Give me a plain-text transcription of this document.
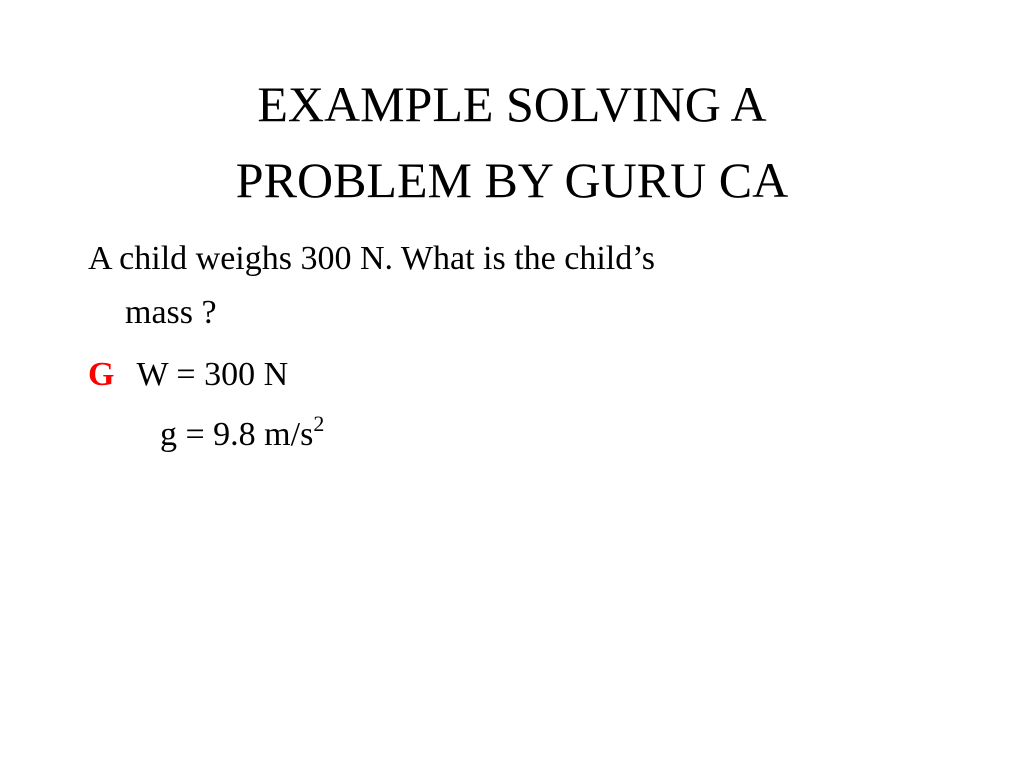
EXAMPLE SOLVING A
PROBLEM BY GURU CA
A child weighs 300 N. What is the child’s
mass ?
G W = 300 N
g = 9.8 $m/s^2$
